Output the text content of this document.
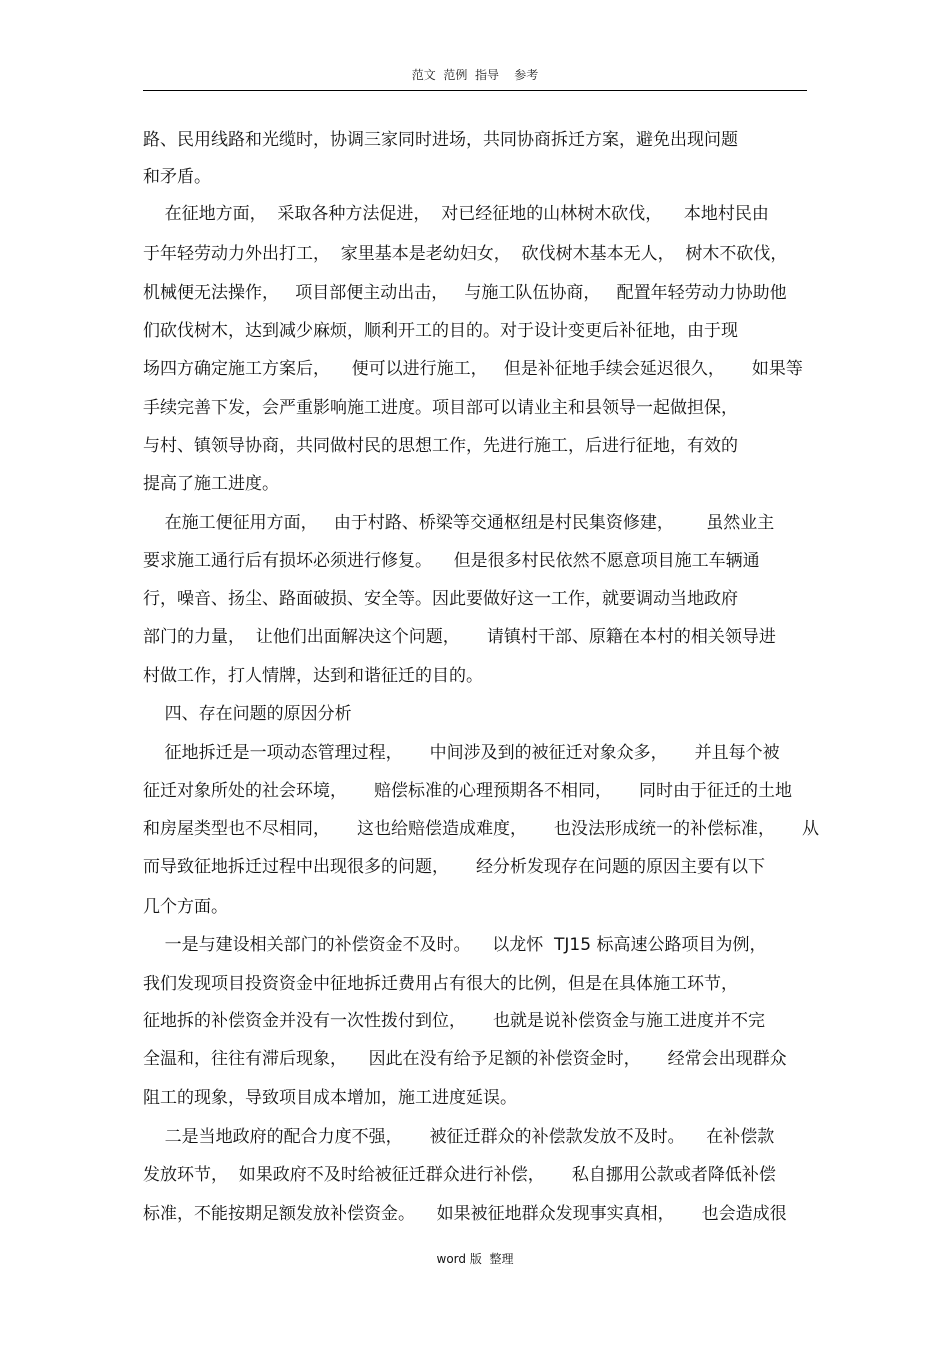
范文  范例  指导    参考
路、民用线路和光缆时，协调三家同时进场，共同协商拆迁方案，避免出现问题
和矛盾。
在征地方面，  采取各种方法促进，  对已经征地的山林树木砍伐，    本地村民由
于年轻劳动力外出打工，  家里基本是老幼妇女，  砍伐树木基本无人，  树木不砍伐，
机械便无法操作，   项目部便主动出击，   与施工队伍协商，   配置年轻劳动力协助他
们砍伐树木，达到减少麻烦，顺利开工的目的。对于设计变更后补征地，由于现
场四方确定施工方案后，    便可以进行施工，   但是补征地手续会延迟很久，     如果等
手续完善下发，会严重影响施工进度。项目部可以请业主和县领导一起做担保，
与村、镇领导协商，共同做村民的思想工作，先进行施工，后进行征地，有效的
提高了施工进度。
在施工便征用方面，   由于村路、桥梁等交通枢纽是村民集资修建，      虽然业主
要求施工通行后有损坏必须进行修复。    但是很多村民依然不愿意项目施工车辆通
行，噪音、扬尘、路面破损、安全等。因此要做好这一工作，就要调动当地政府
部门的力量，  让他们出面解决这个问题，     请镇村干部、原籍在本村的相关领导进
村做工作，打人情牌，达到和谐征迁的目的。
四、存在问题的原因分析
征地拆迁是一项动态管理过程，     中间涉及到的被征迁对象众多，     并且每个被
征迁对象所处的社会环境，     赔偿标准的心理预期各不相同，     同时由于征迁的土地
和房屋类型也不尽相同，     这也给赔偿造成难度，     也没法形成统一的补偿标准，     从
而导致征地拆迁过程中出现很多的问题，     经分析发现存在问题的原因主要有以下
几个方面。
一是与建设相关部门的补偿资金不及时。    以龙怀  TJ15 标高速公路项目为例，
我们发现项目投资资金中征地拆迁费用占有很大的比例，但是在具体施工环节，
征地拆的补偿资金并没有一次性拨付到位，     也就是说补偿资金与施工进度并不完
全温和，往往有滞后现象，    因此在没有给予足额的补偿资金时，     经常会出现群众
阻工的现象，导致项目成本增加，施工进度延误。
二是当地政府的配合力度不强，     被征迁群众的补偿款发放不及时。    在补偿款
发放环节，  如果政府不及时给被征迁群众进行补偿，     私自挪用公款或者降低补偿
标准，不能按期足额发放补偿资金。    如果被征地群众发现事实真相，     也会造成很
word 版  整理
